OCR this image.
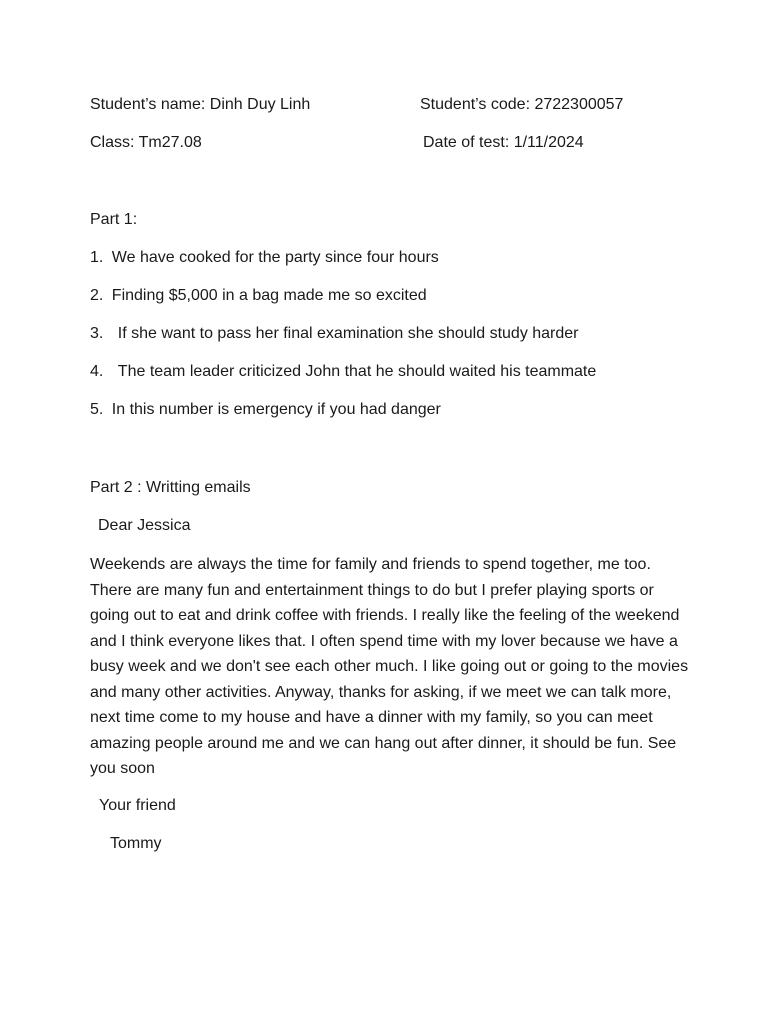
Student’s name: Dinh Duy Linh	Student’s code: 2722300057
Class: Tm27.08	Date of test: 1/11/2024
Part 1:
1. We have cooked for the party since four hours
2. Finding $5,000 in a bag made me so excited
3. If she want to pass her final examination she should study harder
4. The team leader criticized John that he should waited his teammate
5. In this number is emergency if you had danger
Part 2 : Writting emails
Dear Jessica
Weekends are always the time for family and friends to spend together, me too. There are many fun and entertainment things to do but I prefer playing sports or going out to eat and drink coffee with friends. I really like the feeling of the weekend and I think everyone likes that. I often spend time with my lover because we have a busy week and we don't see each other much. I like going out or going to the movies and many other activities. Anyway, thanks for asking, if we meet we can talk more, next time come to my house and have a dinner with my family, so you can meet amazing people around me and we can hang out after dinner, it should be fun. See you soon
Your friend
Tommy
